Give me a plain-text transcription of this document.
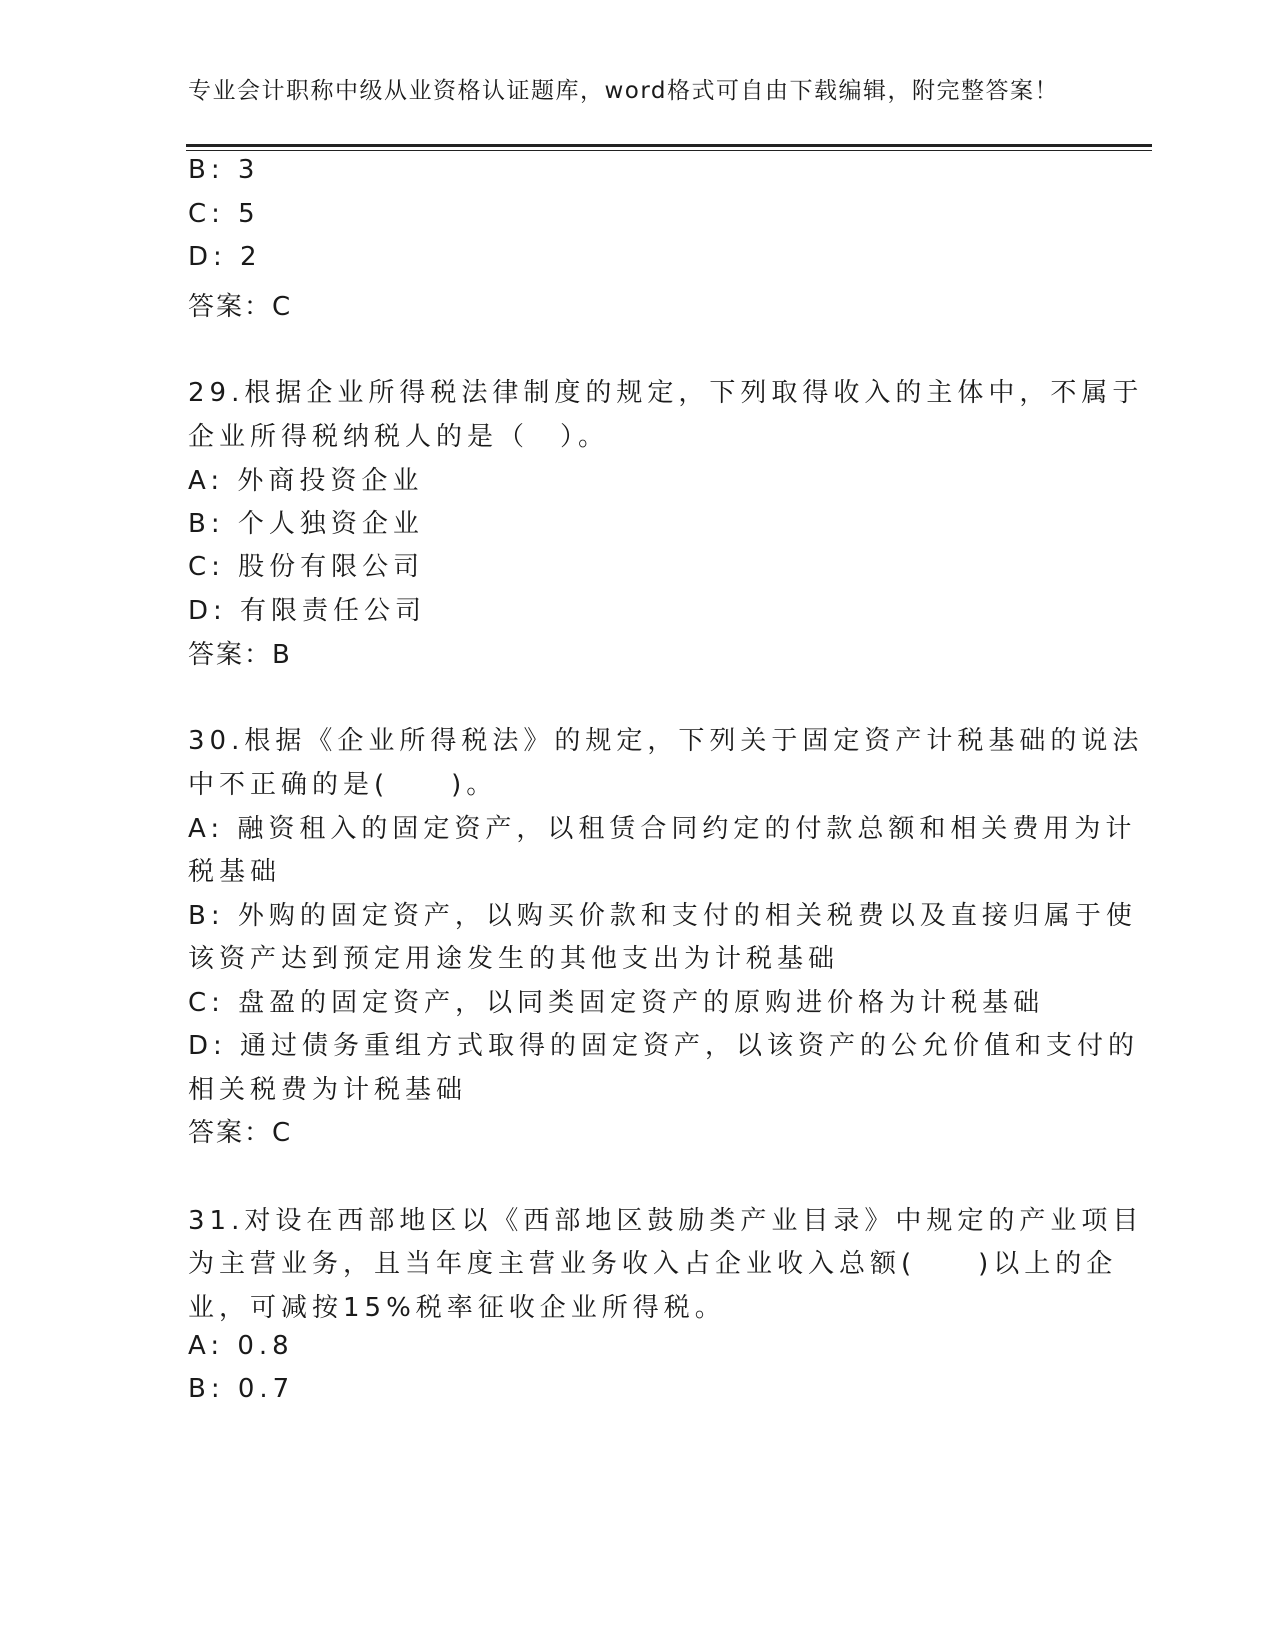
专业会计职称中级从业资格认证题库，word格式可自由下载编辑，附完整答案！
B: 3
C: 5
D: 2
答案：C
29.根据企业所得税法律制度的规定，下列取得收入的主体中，不属于
企业所得税纳税人的是（　）。
A: 外商投资企业
B: 个人独资企业
C: 股份有限公司
D: 有限责任公司
答案：B
30.根据《企业所得税法》的规定，下列关于固定资产计税基础的说法
中不正确的是(　　)。
A: 融资租入的固定资产，以租赁合同约定的付款总额和相关费用为计
税基础
B: 外购的固定资产，以购买价款和支付的相关税费以及直接归属于使
该资产达到预定用途发生的其他支出为计税基础
C: 盘盈的固定资产，以同类固定资产的原购进价格为计税基础
D: 通过债务重组方式取得的固定资产，以该资产的公允价值和支付的
相关税费为计税基础
答案：C
31.对设在西部地区以《西部地区鼓励类产业目录》中规定的产业项目
为主营业务，且当年度主营业务收入占企业收入总额(　　)以上的企
业，可减按15%税率征收企业所得税。
A: 0.8
B: 0.7
